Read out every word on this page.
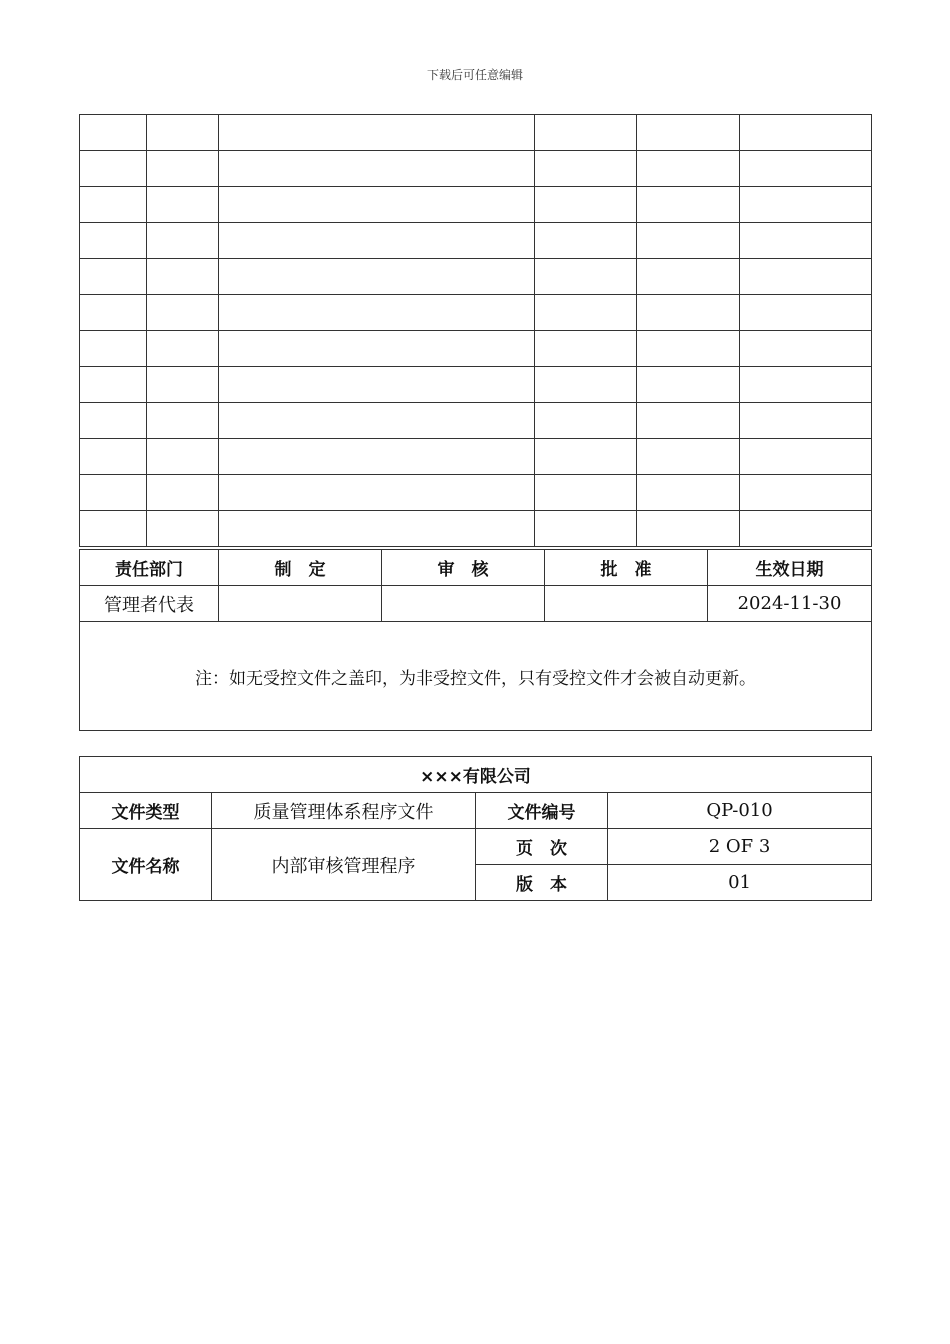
下载后可任意编辑

责任部门	制　定	审　核	批　准	生效日期
管理者代表				2024-11-30
注：如无受控文件之盖印，为非受控文件，只有受控文件才会被自动更新。				
×××有限公司			
文件类型	质量管理体系程序文件	文件编号	QP-010
文件名称	内部审核管理程序	页　次	2 OF 3
		版　本	01
